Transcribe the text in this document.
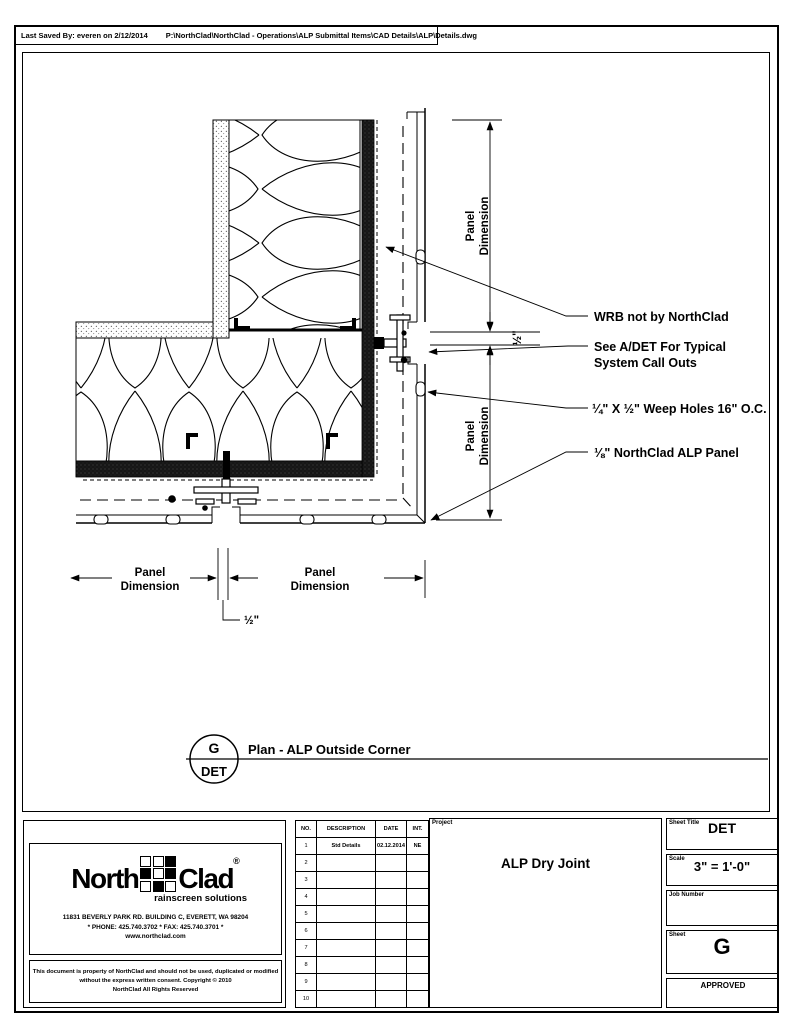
Last Saved By: everen on 2/12/2014 P:\NorthClad\NorthClad - Operations\ALP Submittal Items\CAD Details\ALP\Details.dwg
Panel Dimension
½"
Panel Dimension
Panel
Dimension
Panel
Dimension
½"
WRB not by NorthClad
See A/DET For Typical
System Call Outs
¼" X ½" Weep Holes 16" O.C.
⅛" NorthClad ALP Panel
G
DET
Plan - ALP Outside Corner
North Clad
®
rainscreen solutions
11831 BEVERLY PARK RD. BUILDING C, EVERETT, WA 98204
* PHONE: 425.740.3702 * FAX: 425.740.3701 *
www.northclad.com
This document is property of NorthClad and should not be used, duplicated or modified
without the express written consent. Copyright © 2010
NorthClad All Rights Reserved
NO.	DESCRIPTION	DATE	INT.
1	Std Details	02.12.2014	NE
2			
3			
4			
5			
6			
7			
8			
9			
10			
Project
ALP Dry Joint
Sheet Title DET
Scale 3" = 1'-0"
Job Number
Sheet	G
APPROVED
